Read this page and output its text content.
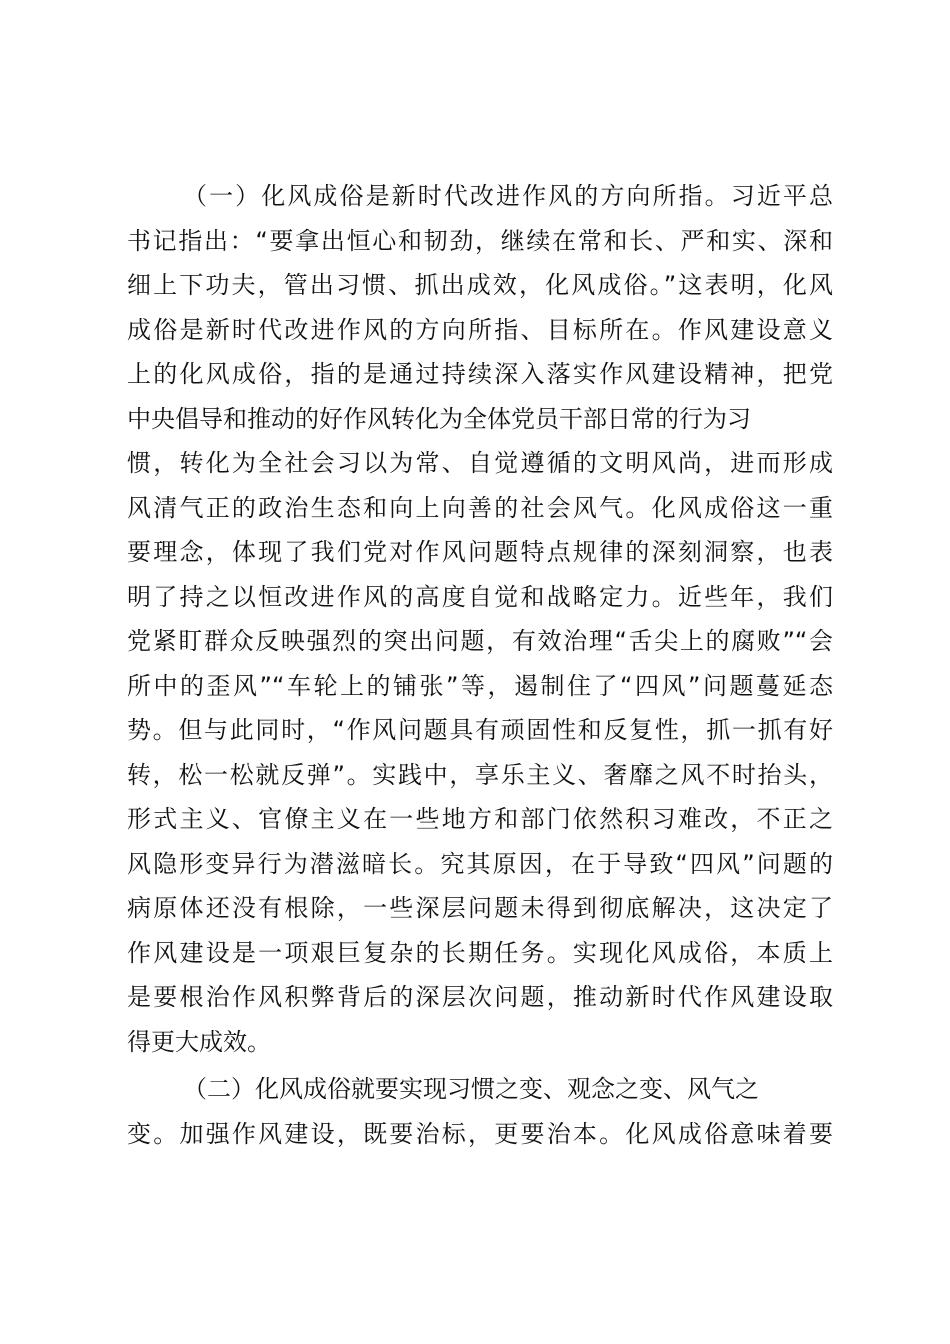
（一）化风成俗是新时代改进作风的方向所指。习近平总
书记指出：“要拿出恒心和韧劲，继续在常和长、严和实、深和
细上下功夫，管出习惯、抓出成效，化风成俗。”这表明，化风
成俗是新时代改进作风的方向所指、目标所在。作风建设意义
上的化风成俗，指的是通过持续深入落实作风建设精神，把党
中央倡导和推动的好作风转化为全体党员干部日常的行为习
惯，转化为全社会习以为常、自觉遵循的文明风尚，进而形成
风清气正的政治生态和向上向善的社会风气。化风成俗这一重
要理念，体现了我们党对作风问题特点规律的深刻洞察，也表
明了持之以恒改进作风的高度自觉和战略定力。近些年，我们
党紧盯群众反映强烈的突出问题，有效治理“舌尖上的腐败”“会
所中的歪风”“车轮上的铺张”等，遏制住了“四风”问题蔓延态
势。但与此同时，“作风问题具有顽固性和反复性，抓一抓有好
转，松一松就反弹”。实践中，享乐主义、奢靡之风不时抬头，
形式主义、官僚主义在一些地方和部门依然积习难改，不正之
风隐形变异行为潜滋暗长。究其原因，在于导致“四风”问题的
病原体还没有根除，一些深层问题未得到彻底解决，这决定了
作风建设是一项艰巨复杂的长期任务。实现化风成俗，本质上
是要根治作风积弊背后的深层次问题，推动新时代作风建设取
得更大成效。
（二）化风成俗就要实现习惯之变、观念之变、风气之
变。加强作风建设，既要治标，更要治本。化风成俗意味着要
